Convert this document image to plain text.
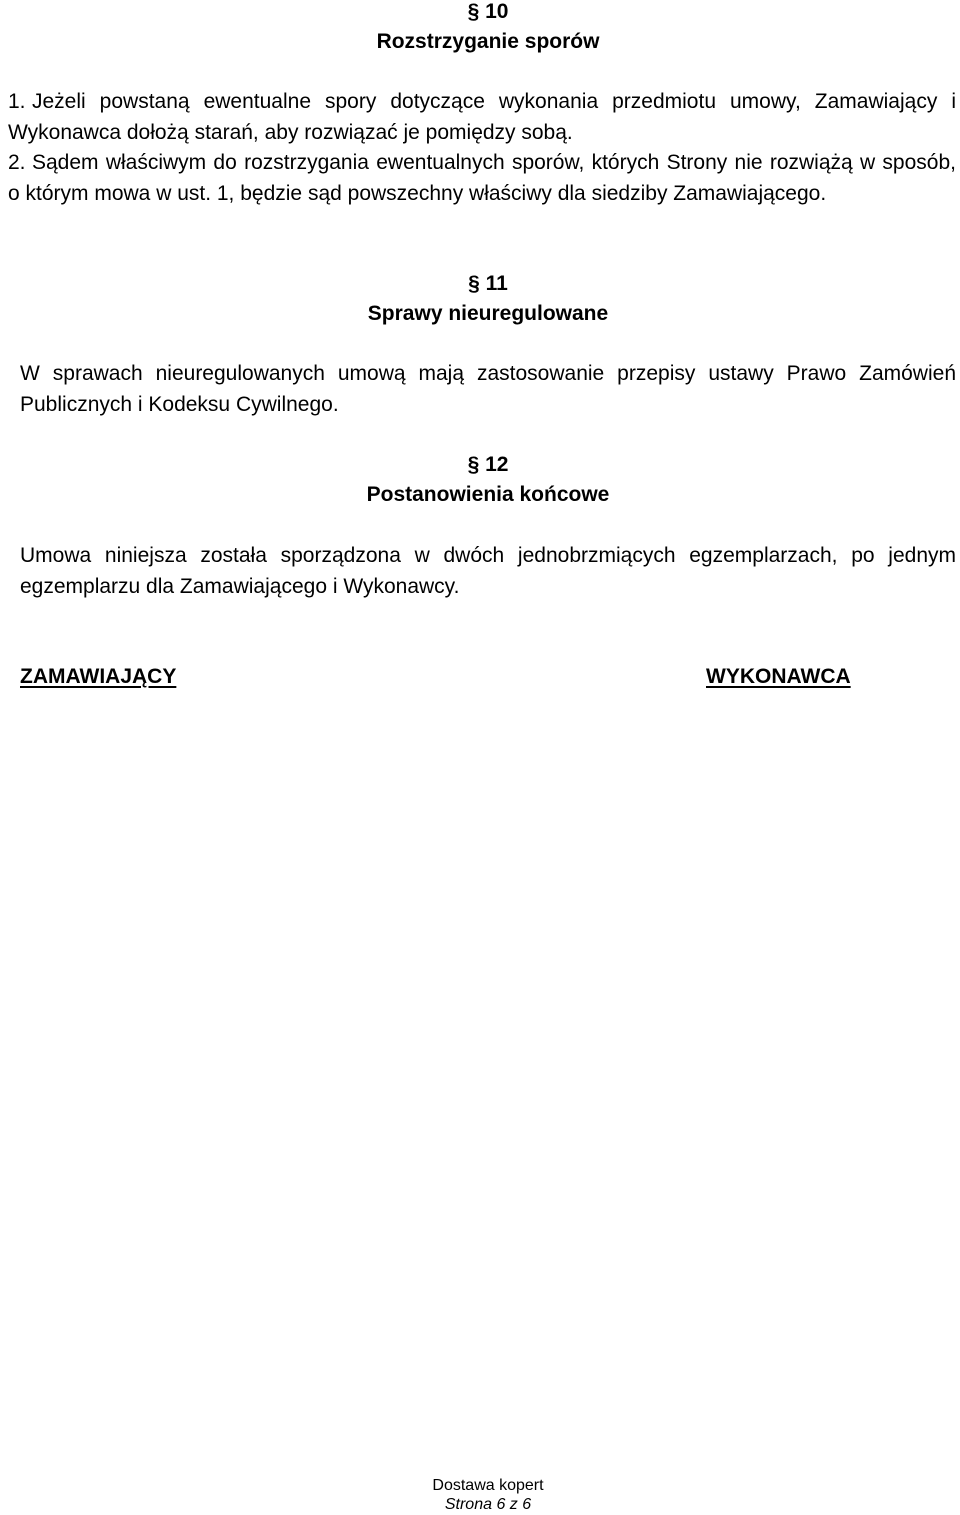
§ 10
Rozstrzyganie sporów
1. Jeżeli powstaną ewentualne spory dotyczące wykonania przedmiotu umowy, Zamawiający i Wykonawca dołożą starań, aby rozwiązać je pomiędzy sobą.
2. Sądem właściwym do rozstrzygania ewentualnych sporów, których Strony nie rozwiążą w sposób, o którym mowa w ust. 1, będzie sąd powszechny właściwy dla siedziby Zamawiającego.
§ 11
Sprawy nieuregulowane
W sprawach nieuregulowanych umową mają zastosowanie przepisy ustawy Prawo Zamówień Publicznych i Kodeksu Cywilnego.
§ 12
Postanowienia końcowe
Umowa niniejsza została sporządzona w dwóch jednobrzmiących egzemplarzach, po jednym egzemplarzu dla Zamawiającego i Wykonawcy.
ZAMAWIAJĄCY	WYKONAWCA
Dostawa kopert
Strona 6 z 6
